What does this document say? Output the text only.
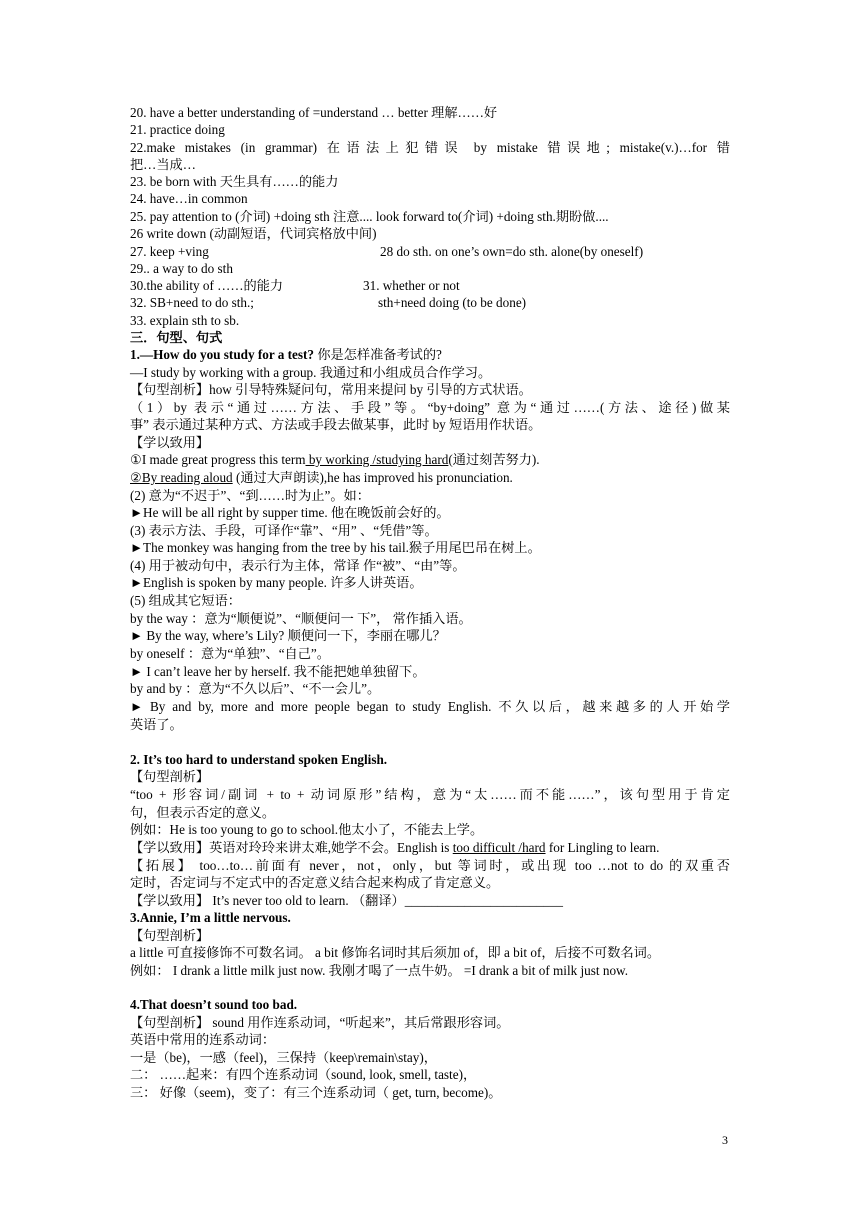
20. have a better understanding of =understand … better 理解……好
21. practice doing
22.make mistakes (in grammar) 在语法上犯错误 by mistake 错误地; mistake(v.)…for 错
把…当成…
23. be born with 天生具有……的能力
24. have…in common
25. pay attention to (介词) +doing sth 注意.... look forward to(介词) +doing sth.期盼做....
26 write down (动副短语，代词宾格放中间)
27. keep +ving	28 do sth. on one’s own=do sth. alone(by oneself)
29.. a way to do sth
30.the ability of ……的能力	31. whether or not
32. SB+need to do sth.;	sth+need doing (to be done)
33. explain sth to sb.
三．句型、句式
1.—How do you study for a test? 你是怎样准备考试的?
—I study by working with a group. 我通过和小组成员合作学习。
【句型剖析】how 引导特殊疑问句，常用来提问 by 引导的方式状语。
（1）by 表示“通过……方法、手段”等。“by+doing” 意为“通过……(方法、途径)做某
事” 表示通过某种方式、方法或手段去做某事，此时 by 短语用作状语。
【学以致用】
①I made great progress this term by working /studying hard(通过刻苦努力).
②By reading aloud (通过大声朗读),he has improved his pronunciation.
(2) 意为“不迟于”、“到……时为止”。如：
►He will be all right by supper time. 他在晚饭前会好的。
(3) 表示方法、手段，可译作“靠”、“用” 、“凭借”等。
►The monkey was hanging from the tree by his tail.猴子用尾巴吊在树上。
(4) 用于被动句中，表示行为主体，常译 作“被”、“由”等。
►English is spoken by many people. 许多人讲英语。
(5) 组成其它短语：
by the way ：意为“顺便说”、“顺便问一 下”， 常作插入语。
► By the way, where’s Lily? 顺便问一下，李丽在哪儿？
by oneself ：意为“单独”、“自己”。
► I can’t leave her by herself. 我不能把她单独留下。
by and by ：意为“不久以后”、“不一会儿”。
► By and by, more and more people began to study English. 不久以后，越来越多的人开始学
英语了。
2. It’s too hard to understand spoken English.
【句型剖析】
“too + 形容词/副词 + to + 动词原形”结构，意为“太……而不能……”，该句型用于肯定
句，但表示否定的意义。
例如：He is too young to go to school.他太小了，不能去上学。
【学以致用】英语对玲玲来讲太难,她学不会。English is too difficult /hard for Lingling to learn.
【拓展】 too…to…前面有 never，not，only，but 等词时，或出现 too …not to do 的双重否
定时，否定词与不定式中的否定意义结合起来构成了肯定意义。
【学以致用】 It’s never too old to learn. （翻译）________________________
3.Annie, I’m a little nervous.
【句型剖析】
a little 可直接修饰不可数名词。 a bit 修饰名词时其后须加 of，即 a bit of，后接不可数名词。
例如： I drank a little milk just now. 我刚才喝了一点牛奶。 =I drank a bit of milk just now.
4.That doesn’t sound too bad.
【句型剖析】 sound 用作连系动词，“听起来”，其后常跟形容词。
英语中常用的连系动词：
一是（be)，一感（feel)，三保持（keep\remain\stay)，
二： ……起来：有四个连系动词（sound, look, smell, taste)，
三： 好像（seem)，变了：有三个连系动词（ get, turn, become)。
3
